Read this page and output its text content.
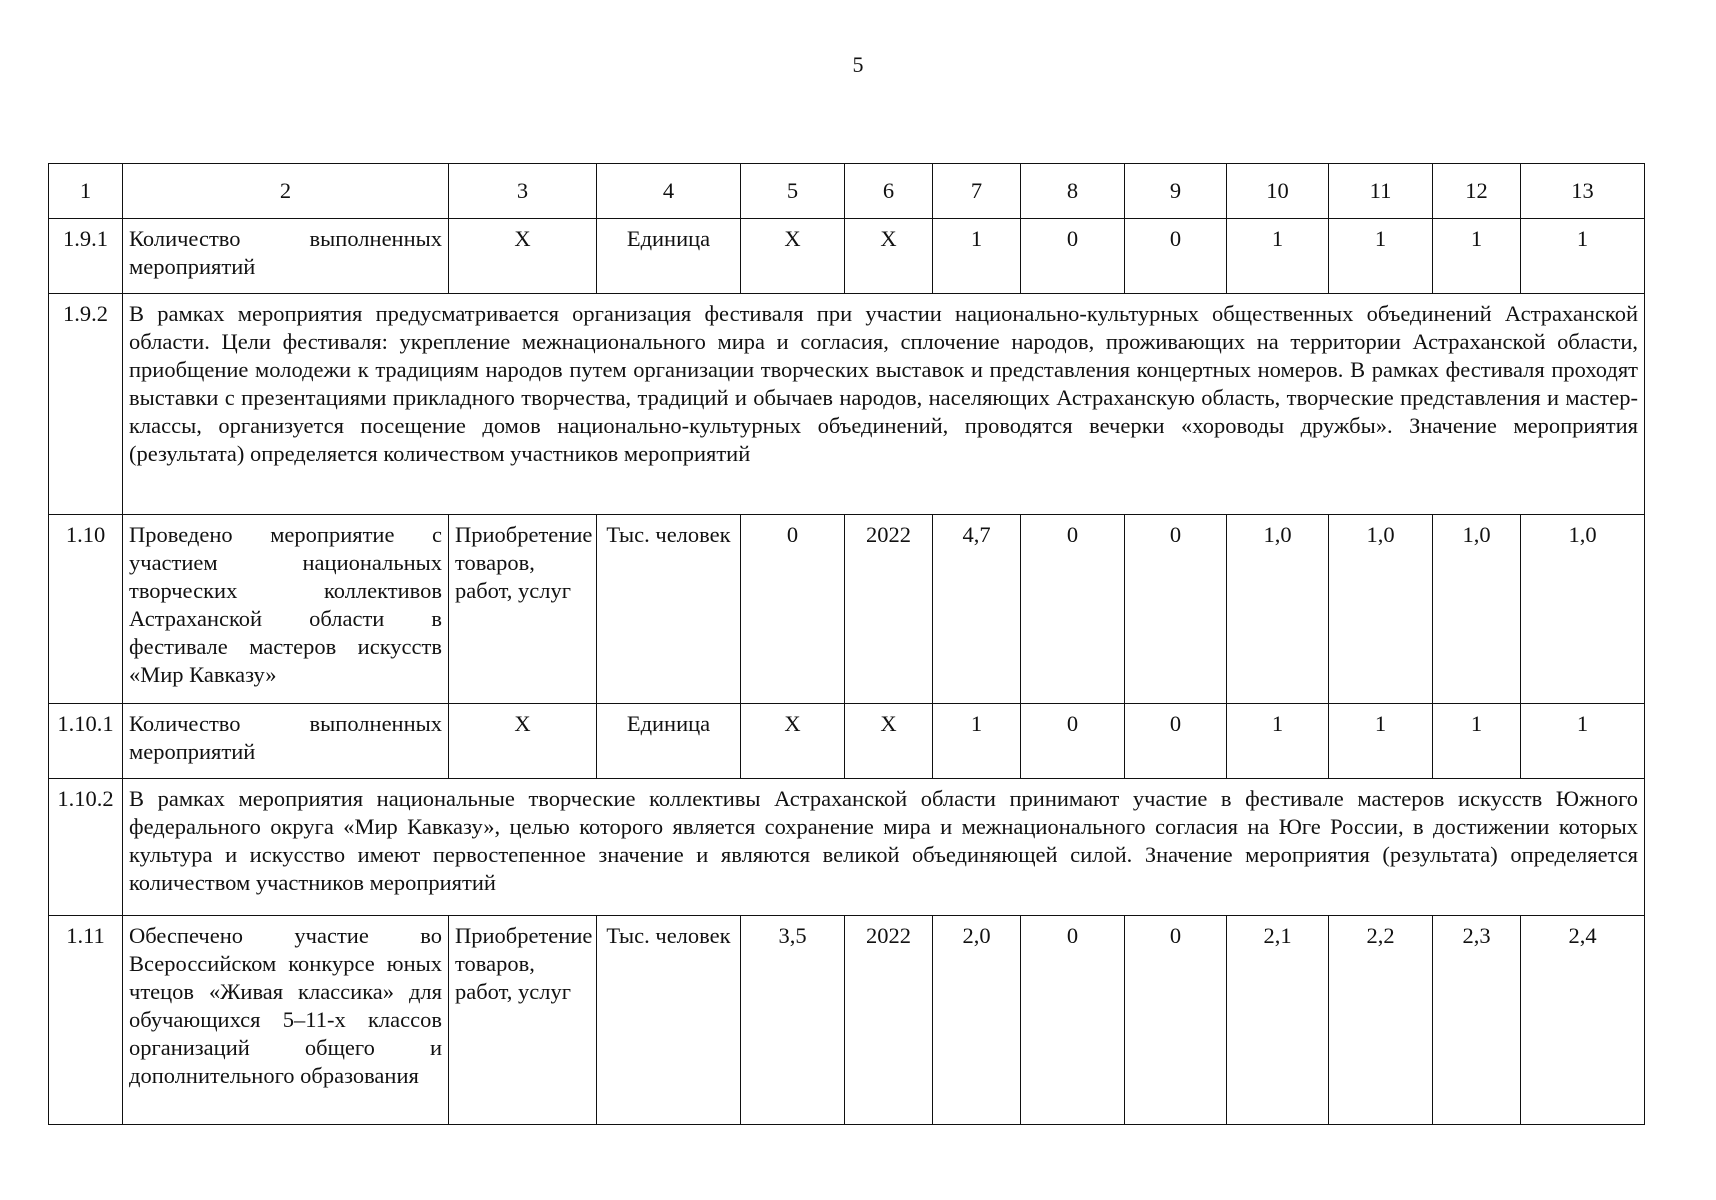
5
1	2	3	4	5	6	7	8	9	10	11	12	13
1.9.1	Количество выполненных мероприятий	Х	Единица	Х	Х	1	0	0	1	1	1	1
1.9.2	В рамках мероприятия предусматривается организация фестиваля при участии национально-культурных общественных объединений Астраханской области. Цели фестиваля: укрепление межнационального мира и согласия, сплочение народов, проживающих на территории Астраханской области, приобщение молодежи к традициям народов путем организации творческих выставок и представления концертных номеров. В рамках фестиваля проходят выставки с презентациями прикладного творчества, традиций и обычаев народов, населяющих Астраханскую область, творческие представления и мастер-классы, организуется посещение домов национально-культурных объединений, проводятся вечерки «хороводы дружбы». Значение мероприятия (результата) определяется количеством участников мероприятий											
1.10	Проведено мероприятие с участием национальных творческих коллективов Астраханской области в фестивале мастеров искусств «Мир Кавказу»	Приобретение товаров, работ, услуг	Тыс. человек	0	2022	4,7	0	0	1,0	1,0	1,0	1,0
1.10.1	Количество выполненных мероприятий	Х	Единица	Х	Х	1	0	0	1	1	1	1
1.10.2	В рамках мероприятия национальные творческие коллективы Астраханской области принимают участие в фестивале мастеров искусств Южного федерального округа «Мир Кавказу», целью которого является сохранение мира и межнационального согласия на Юге России, в достижении которых культура и искусство имеют первостепенное значение и являются великой объединяющей силой. Значение мероприятия (результата) определяется количеством участников мероприятий											
1.11	Обеспечено участие во Всероссийском конкурсе юных чтецов «Живая классика» для обучающихся 5–11-х классов организаций общего и дополнительного образования	Приобретение товаров, работ, услуг	Тыс. человек	3,5	2022	2,0	0	0	2,1	2,2	2,3	2,4
